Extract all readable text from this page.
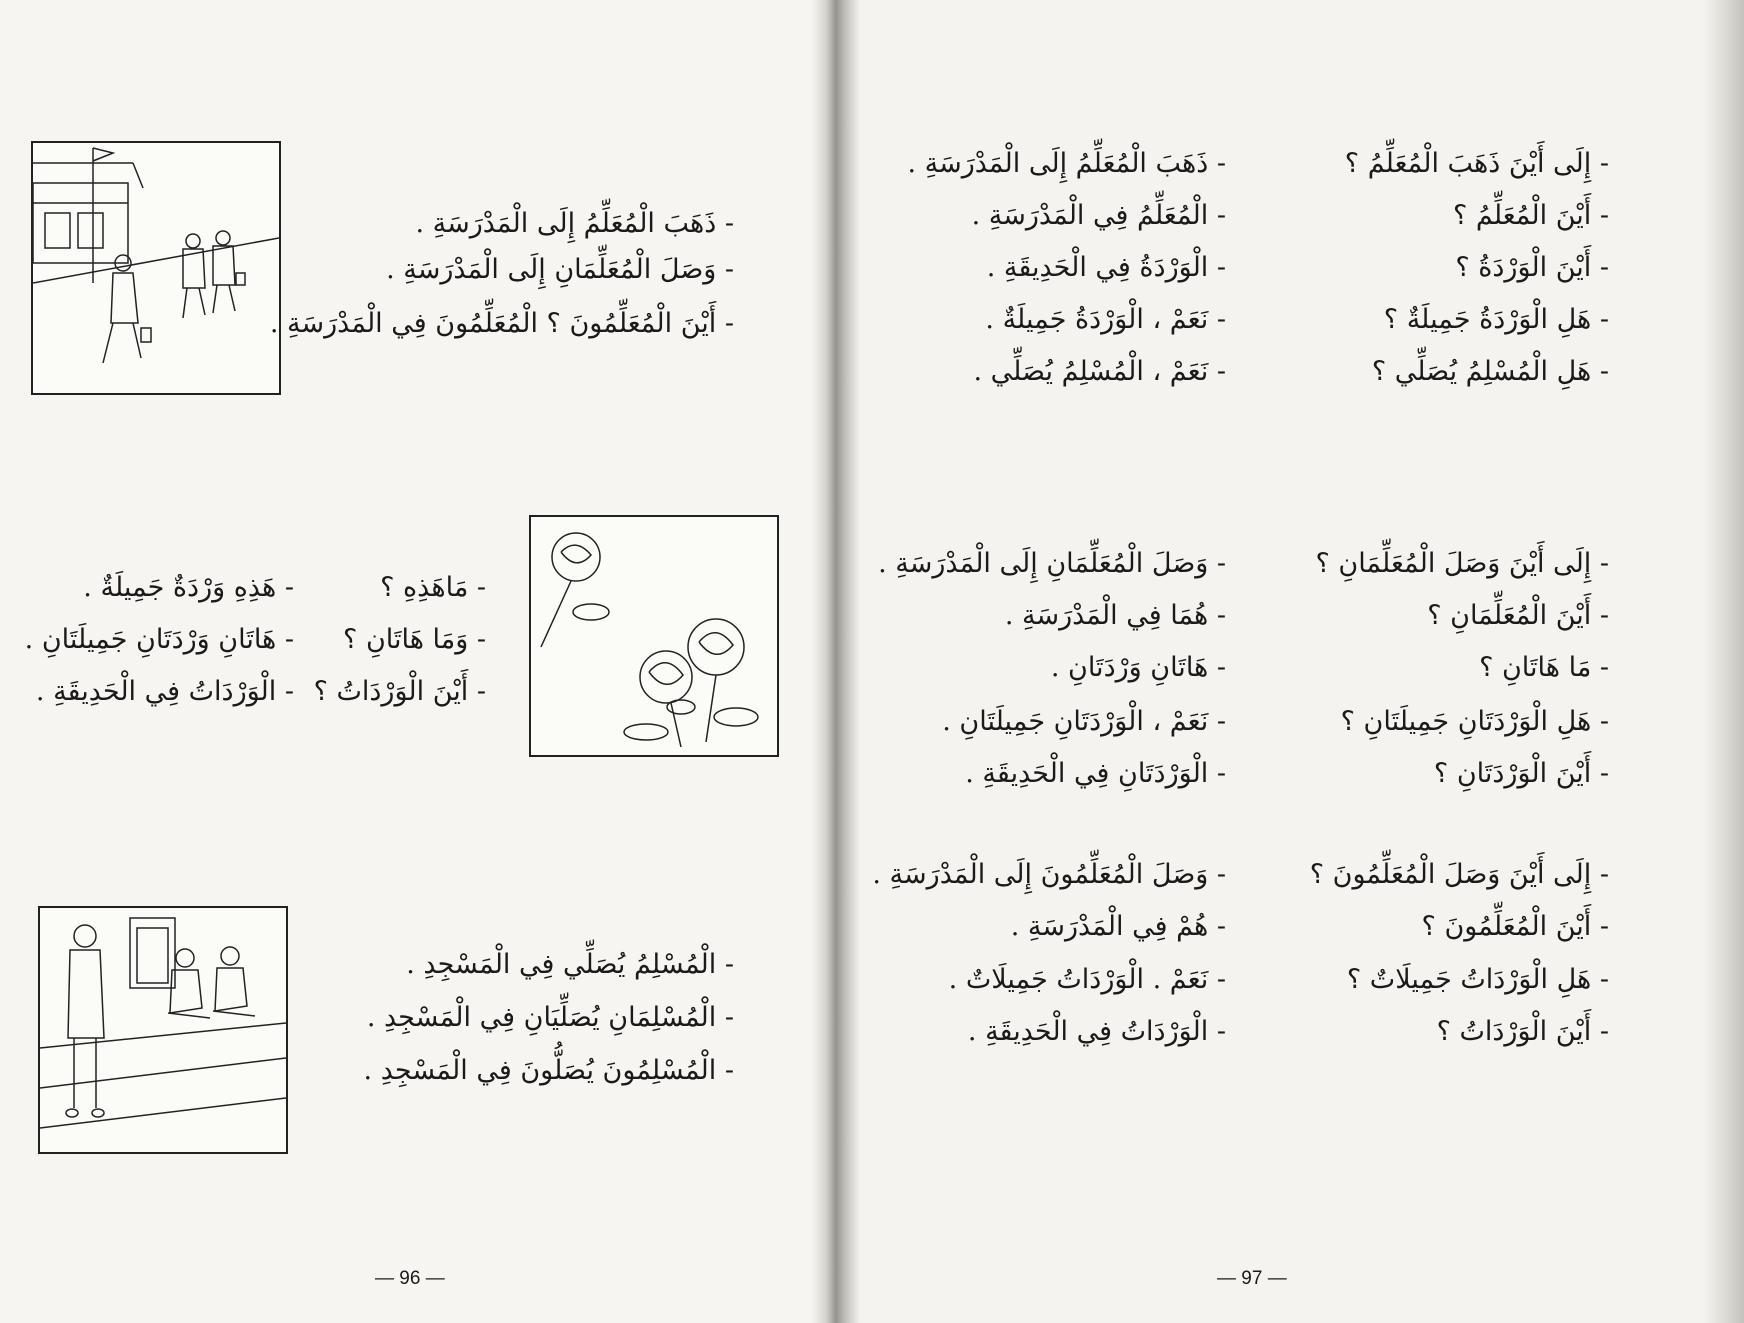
- ذَهَبَ الْمُعَلِّمُ إِلَى الْمَدْرَسَةِ .
- وَصَلَ الْمُعَلِّمَانِ إِلَى الْمَدْرَسَةِ .
- أَيْنَ الْمُعَلِّمُونَ ؟ الْمُعَلِّمُونَ فِي الْمَدْرَسَةِ .
- مَاهَذِهِ ؟
- وَمَا هَاتَانِ ؟
- أَيْنَ الْوَرْدَاتُ ؟
- هَذِهِ وَرْدَةٌ جَمِيلَةٌ .
- هَاتَانِ وَرْدَتَانِ جَمِيلَتَانِ .
- الْوَرْدَاتُ فِي الْحَدِيقَةِ .
- الْمُسْلِمُ يُصَلِّي فِي الْمَسْجِدِ .
- الْمُسْلِمَانِ يُصَلِّيَانِ فِي الْمَسْجِدِ .
- الْمُسْلِمُونَ يُصَلُّونَ فِي الْمَسْجِدِ .
— 96 —
- إِلَى أَيْنَ ذَهَبَ الْمُعَلِّمُ ؟
- أَيْنَ الْمُعَلِّمُ ؟
- أَيْنَ الْوَرْدَةُ ؟
- هَلِ الْوَرْدَةُ جَمِيلَةٌ ؟
- هَلِ الْمُسْلِمُ يُصَلِّي ؟
- ذَهَبَ الْمُعَلِّمُ إِلَى الْمَدْرَسَةِ .
- الْمُعَلِّمُ فِي الْمَدْرَسَةِ .
- الْوَرْدَةُ فِي الْحَدِيقَةِ .
- نَعَمْ ، الْوَرْدَةُ جَمِيلَةٌ .
- نَعَمْ ، الْمُسْلِمُ يُصَلِّي .
- إِلَى أَيْنَ وَصَلَ الْمُعَلِّمَانِ ؟
- أَيْنَ الْمُعَلِّمَانِ ؟
- مَا هَاتَانِ ؟
- هَلِ الْوَرْدَتَانِ جَمِيلَتَانِ ؟
- أَيْنَ الْوَرْدَتَانِ ؟
- وَصَلَ الْمُعَلِّمَانِ إِلَى الْمَدْرَسَةِ .
- هُمَا فِي الْمَدْرَسَةِ .
- هَاتَانِ وَرْدَتَانِ .
- نَعَمْ ، الْوَرْدَتَانِ جَمِيلَتَانِ .
- الْوَرْدَتَانِ فِي الْحَدِيقَةِ .
- إِلَى أَيْنَ وَصَلَ الْمُعَلِّمُونَ ؟
- أَيْنَ الْمُعَلِّمُونَ ؟
- هَلِ الْوَرْدَاتُ جَمِيلَاتٌ ؟
- أَيْنَ الْوَرْدَاتُ ؟
- وَصَلَ الْمُعَلِّمُونَ إِلَى الْمَدْرَسَةِ .
- هُمْ فِي الْمَدْرَسَةِ .
- نَعَمْ . الْوَرْدَاتُ جَمِيلَاتٌ .
- الْوَرْدَاتُ فِي الْحَدِيقَةِ .
— 97 —
